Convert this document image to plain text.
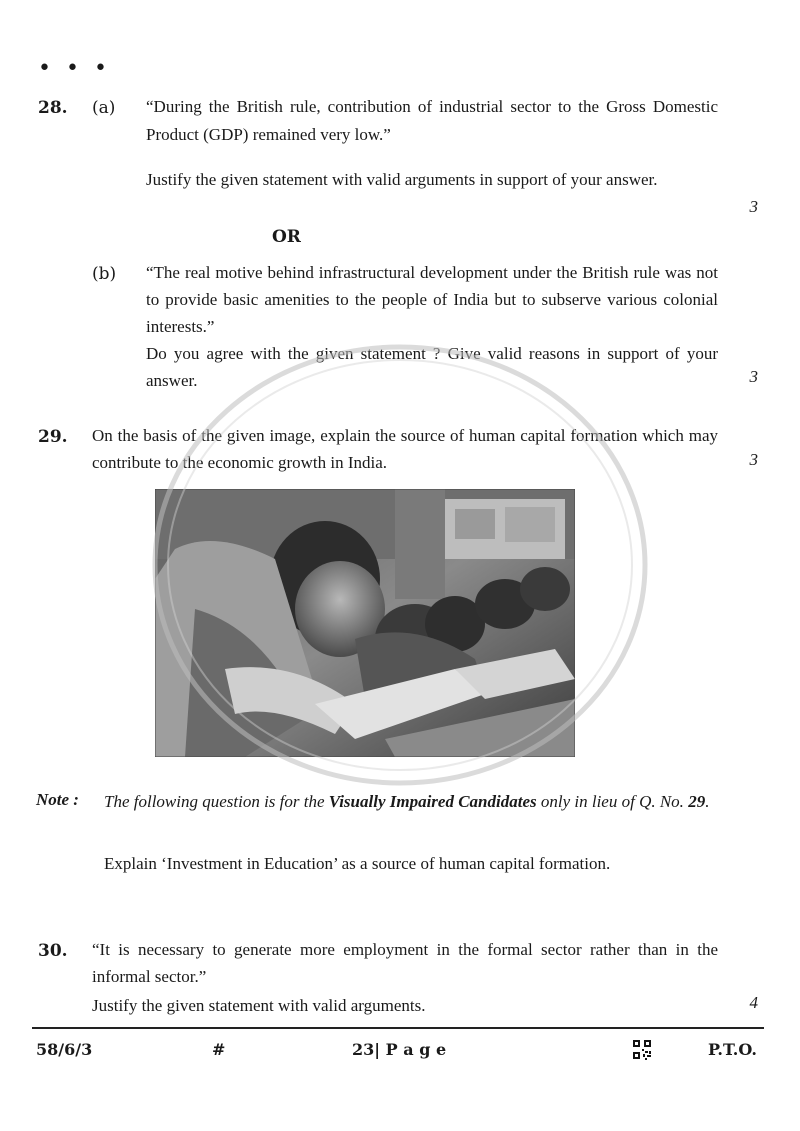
• • •
28. (a) “During the British rule, contribution of industrial sector to the Gross Domestic Product (GDP) remained very low.”
Justify the given statement with valid arguments in support of your answer.
3
OR
(b) “The real motive behind infrastructural development under the British rule was not to provide basic amenities to the people of India but to subserve various colonial interests.”
Do you agree with the given statement ? Give valid reasons in support of your answer.	3
29. On the basis of the given image, explain the source of human capital formation which may contribute to the economic growth in India.	3
Note : The following question is for the Visually Impaired Candidates only in lieu of Q. No. 29.
Explain ‘Investment in Education’ as a source of human capital formation.
30. “It is necessary to generate more employment in the formal sector rather than in the informal sector.”
Justify the given statement with valid arguments.	4
58/6/3	#	23| P a g e	P.T.O.
